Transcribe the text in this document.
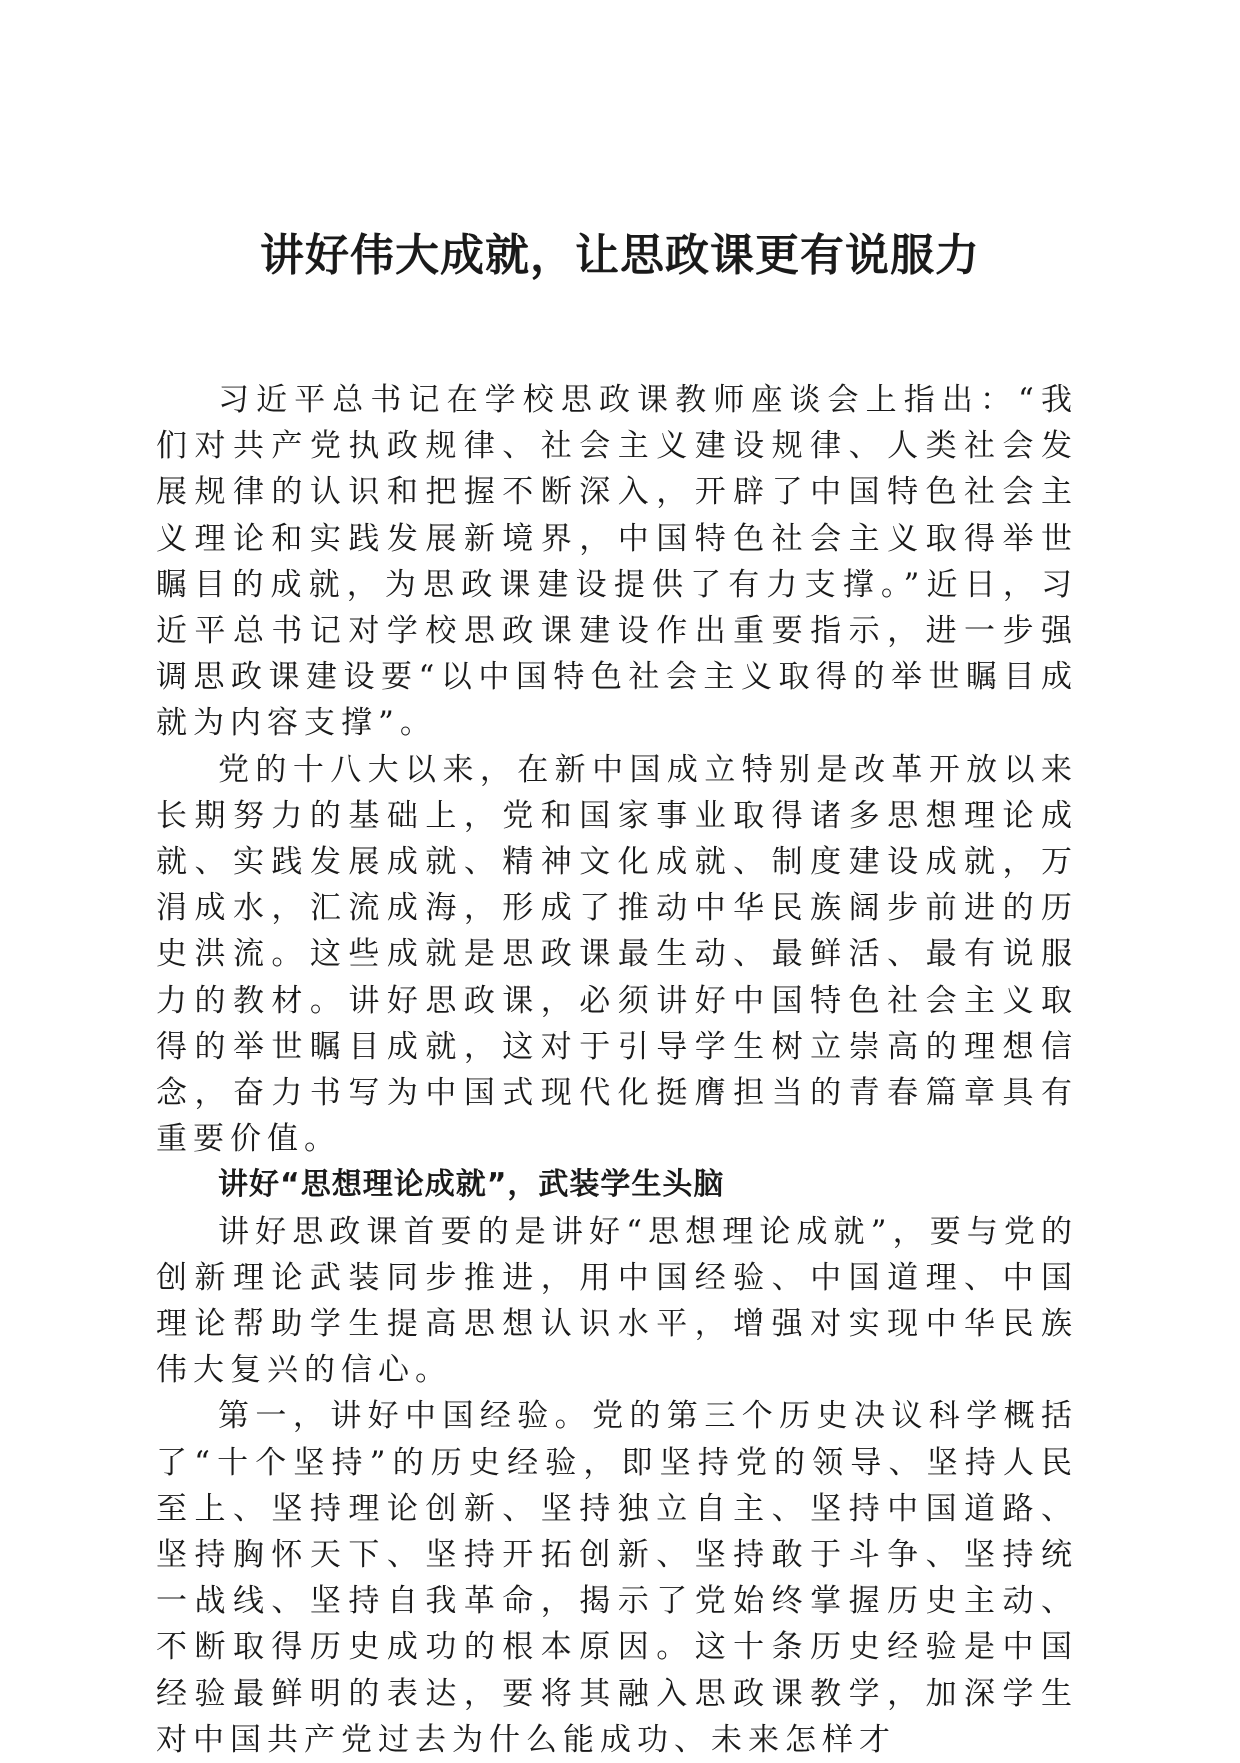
讲好伟大成就，让思政课更有说服力

习近平总书记在学校思政课教师座谈会上指出：“我们对共产党执政规律、社会主义建设规律、人类社会发展规律的认识和把握不断深入，开辟了中国特色社会主义理论和实践发展新境界，中国特色社会主义取得举世瞩目的成就，为思政课建设提供了有力支撑。”近日，习近平总书记对学校思政课建设作出重要指示，进一步强调思政课建设要“以中国特色社会主义取得的举世瞩目成就为内容支撑”。

党的十八大以来，在新中国成立特别是改革开放以来长期努力的基础上，党和国家事业取得诸多思想理论成就、实践发展成就、精神文化成就、制度建设成就，万涓成水，汇流成海，形成了推动中华民族阔步前进的历史洪流。这些成就是思政课最生动、最鲜活、最有说服力的教材。讲好思政课，必须讲好中国特色社会主义取得的举世瞩目成就，这对于引导学生树立崇高的理想信念，奋力书写为中国式现代化挺膺担当的青春篇章具有重要价值。

讲好“思想理论成就”，武装学生头脑

讲好思政课首要的是讲好“思想理论成就”，要与党的创新理论武装同步推进，用中国经验、中国道理、中国理论帮助学生提高思想认识水平，增强对实现中华民族伟大复兴的信心。

第一，讲好中国经验。党的第三个历史决议科学概括了“十个坚持”的历史经验，即坚持党的领导、坚持人民至上、坚持理论创新、坚持独立自主、坚持中国道路、坚持胸怀天下、坚持开拓创新、坚持敢于斗争、坚持统一战线、坚持自我革命，揭示了党始终掌握历史主动、不断取得历史成功的根本原因。这十条历史经验是中国经验最鲜明的表达，要将其融入思政课教学，加深学生对中国共产党过去为什么能成功、未来怎样才
